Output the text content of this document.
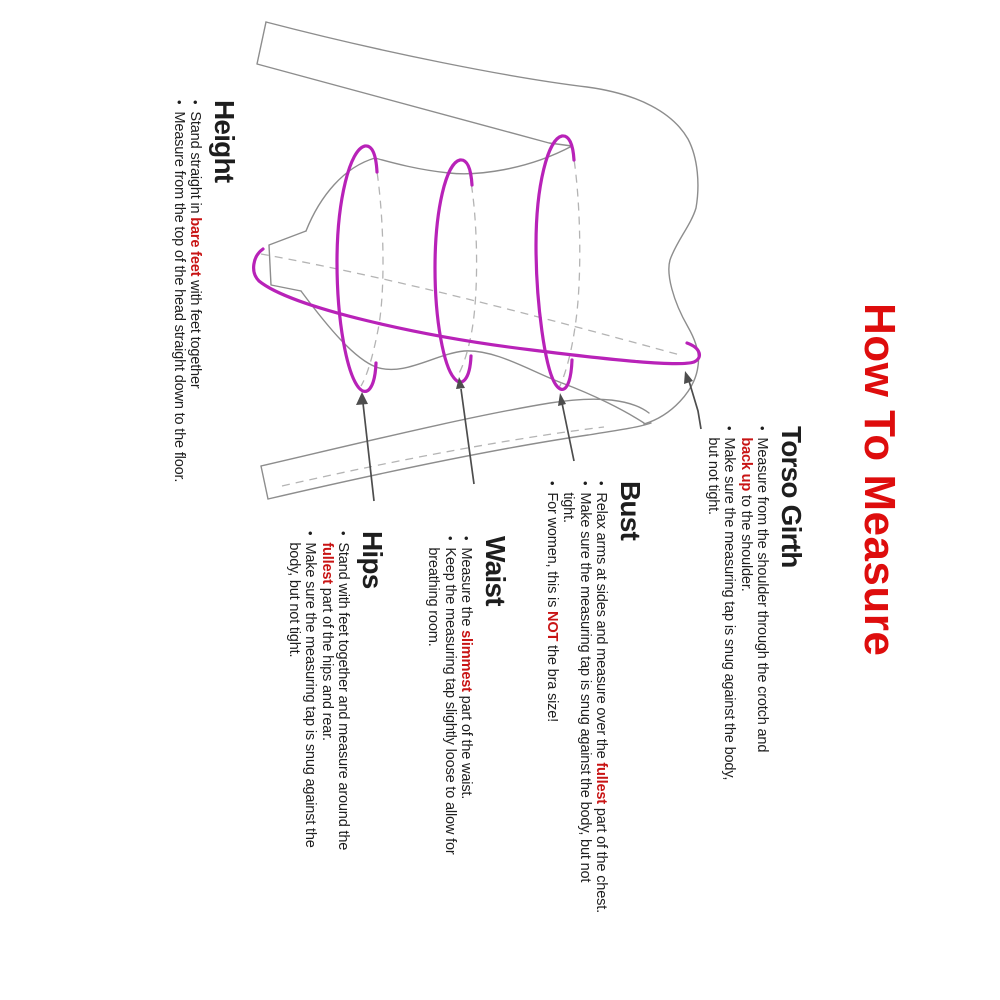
How To Measure
Torso Girth
•
Measure from the shoulder through the crotch and
back up to the shoulder.
•
Make sure the measuring tap is snug against the body,
but not tight.
Bust
•
Relax arms at sides and measure over the fullest part of the chest.
•
Make sure the measuring tap is snug against the body, but not
tight.
•
For women, this is NOT the bra size!
Waist
•
Measure the slimmest part of the waist.
•
Keep the measuring tap slightly loose to allow for
breathing room.
Hips
•
Stand with feet together and measure around the
fullest part of the hips and rear.
•
Make sure the measuring tap is snug against the
body, but not tight.
Height
•
Stand straight in bare feet with feet together
•
Measure from the top of the head straight down to the floor.
